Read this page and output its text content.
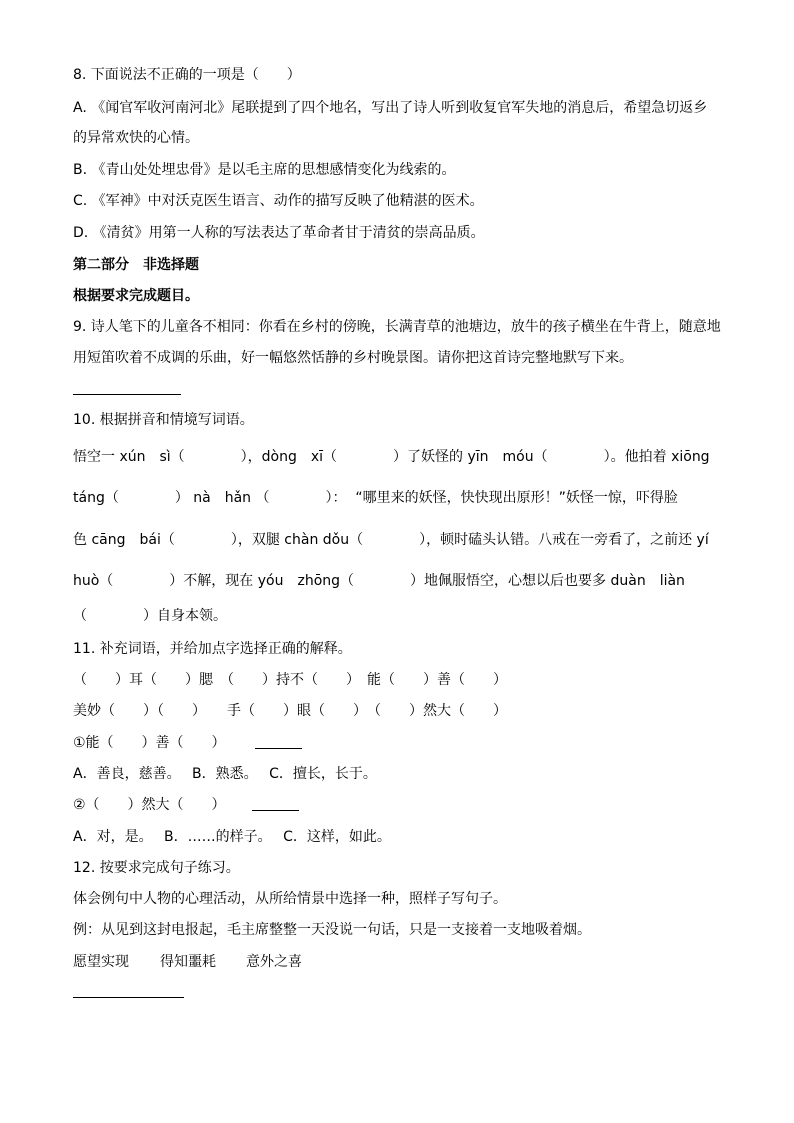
8. 下面说法不正确的一项是（　　）
A. 《闻官军收河南河北》尾联提到了四个地名，写出了诗人听到收复官军失地的消息后，希望急切返乡
的异常欢快的心情。
B. 《青山处处埋忠骨》是以毛主席的思想感情变化为线索的。
C. 《军神》中对沃克医生语言、动作的描写反映了他精湛的医术。
D. 《清贫》用第一人称的写法表达了革命者甘于清贫的崇高品质。
第二部分　非选择题
根据要求完成题目。
9. 诗人笔下的儿童各不相同：你看在乡村的傍晚，长满青草的池塘边，放牛的孩子横坐在牛背上，随意地
用短笛吹着不成调的乐曲，好一幅悠然恬静的乡村晚景图。请你把这首诗完整地默写下来。
10. 根据拼音和情境写词语。
悟空一 xún　sì（　　　　），dòng　xī（　　　　）了妖怪的 yīn　móu（　　　　）。他拍着 xiōng
táng（　　　　） nà　hǎn （　　　　）：  “哪里来的妖怪，快快现出原形！”妖怪一惊，吓得脸
色 cāng　bái（　　　　），双腿 chàn dǒu（　　　　），顿时磕头认错。八戒在一旁看了，之前还 yí
huò（　　　　）不解，现在 yóu　zhōng（　　　　）地佩服悟空，心想以后也要多 duàn　liàn
（　　　　）自身本领。
11. 补充词语，并给加点字选择正确的解释。
（　　）耳（　　）腮　（　　）持不（　　）　能（　　）善（　　）
美妙（　　）（　　）　　手（　　）眼（　　）　（　　）然大（　　）
①能（　　）善（　　）
A．善良，慈善。　 B．熟悉。　 C．擅长，长于。
②（　　）然大（　　）
A．对，是。　 B．……的样子。　 C．这样，如此。
12. 按要求完成句子练习。
体会例句中人物的心理活动，从所给情景中选择一种，照样子写句子。
例：从见到这封电报起，毛主席整整一天没说一句话，只是一支接着一支地吸着烟。
愿望实现 得知噩耗 意外之喜
